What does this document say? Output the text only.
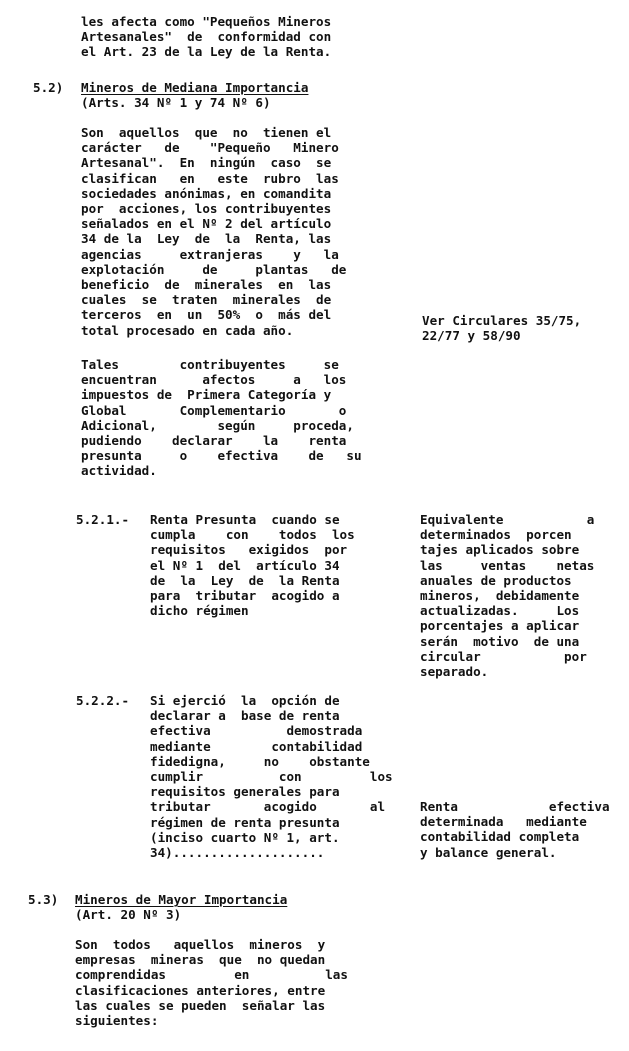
les afecta como "Pequeños Mineros
Artesanales"  de  conformidad con
el Art. 23 de la Ley de la Renta.
5.2) Mineros de Mediana Importancia
(Arts. 34 Nº 1 y 74 Nº 6)
Son  aquellos  que  no  tienen el
carácter   de    "Pequeño   Minero
Artesanal".  En  ningún  caso  se
clasifican   en   este  rubro  las
sociedades anónimas, en comandita
por  acciones, los contribuyentes
señalados en el Nº 2 del artículo
34 de la  Ley  de  la  Renta, las
agencias     extranjeras    y   la
explotación     de     plantas   de
beneficio  de  minerales  en  las
cuales  se  traten  minerales  de
terceros  en  un  50%  o  más del
total procesado en cada año.
Ver Circulares 35/75,
22/77 y 58/90
Tales        contribuyentes     se
encuentran      afectos     a   los
impuestos de  Primera Categoría y
Global       Complementario       o
Adicional,        según     proceda,
pudiendo    declarar    la    renta
presunta     o    efectiva    de   su
actividad.
5.2.1.- Renta Presunta  cuando se
cumpla    con    todos  los
requisitos   exigidos  por
el Nº 1  del  artículo 34
de  la  Ley  de  la Renta
para  tributar  acogido a
dicho régimen
Equivalente           a
determinados  porcen
tajes aplicados sobre
las     ventas    netas
anuales de productos
mineros,  debidamente
actualizadas.     Los
porcentajes a aplicar
serán  motivo  de una
circular           por
separado.
5.2.2.- Si ejerció  la  opción de
declarar a  base de renta
efectiva          demostrada
mediante        contabilidad
fidedigna,     no    obstante
cumplir          con         los
requisitos generales para
tributar       acogido       al
régimen de renta presunta
(inciso cuarto Nº 1, art.
34)....................
Renta            efectiva
determinada   mediante
contabilidad completa
y balance general.
5.3) Mineros de Mayor Importancia
(Art. 20 Nº 3)
Son  todos   aquellos  mineros  y
empresas  mineras  que  no quedan
comprendidas         en          las
clasificaciones anteriores, entre
las cuales se pueden  señalar las
siguientes:
